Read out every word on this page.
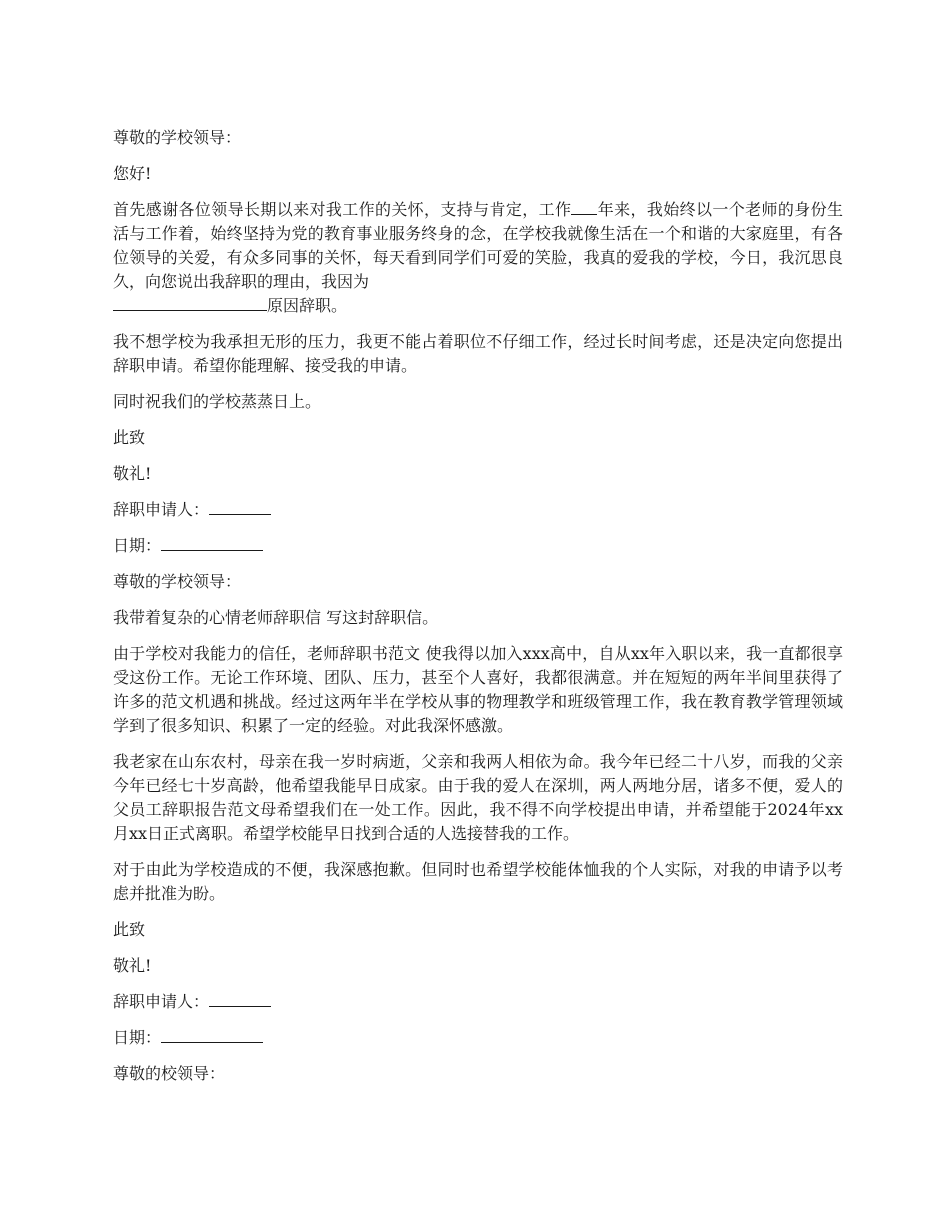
尊敬的学校领导：

您好!

首先感谢各位领导长期以来对我工作的关怀，支持与肯定，工作 年来，我始终以一个老师的身份生活与工作着，始终坚持为党的教育事业服务终身的念，在学校我就像生活在一个和谐的大家庭里，有各位领导的关爱，有众多同事的关怀，每天看到同学们可爱的笑脸，我真的爱我的学校，今日，我沉思良久，向您说出我辞职的理由，我因为
原因辞职。

我不想学校为我承担无形的压力，我更不能占着职位不仔细工作，经过长时间考虑，还是决定向您提出辞职申请。希望你能理解、接受我的申请。

同时祝我们的学校蒸蒸日上。

此致

敬礼!

辞职申请人：

日期：

尊敬的学校领导：

我带着复杂的心情老师辞职信 写这封辞职信。

由于学校对我能力的信任，老师辞职书范文 使我得以加入xxx高中，自从xx年入职以来，我一直都很享受这份工作。无论工作环境、团队、压力，甚至个人喜好，我都很满意。并在短短的两年半间里获得了许多的范文机遇和挑战。经过这两年半在学校从事的物理教学和班级管理工作，我在教育教学管理领域学到了很多知识、积累了一定的经验。对此我深怀感激。

我老家在山东农村，母亲在我一岁时病逝，父亲和我两人相依为命。我今年已经二十八岁，而我的父亲今年已经七十岁高龄，他希望我能早日成家。由于我的爱人在深圳，两人两地分居，诸多不便，爱人的父员工辞职报告范文母希望我们在一处工作。因此，我不得不向学校提出申请，并希望能于2024年xx月xx日正式离职。希望学校能早日找到合适的人选接替我的工作。

对于由此为学校造成的不便，我深感抱歉。但同时也希望学校能体恤我的个人实际，对我的申请予以考虑并批准为盼。

此致

敬礼!

辞职申请人：

日期：

尊敬的校领导：
